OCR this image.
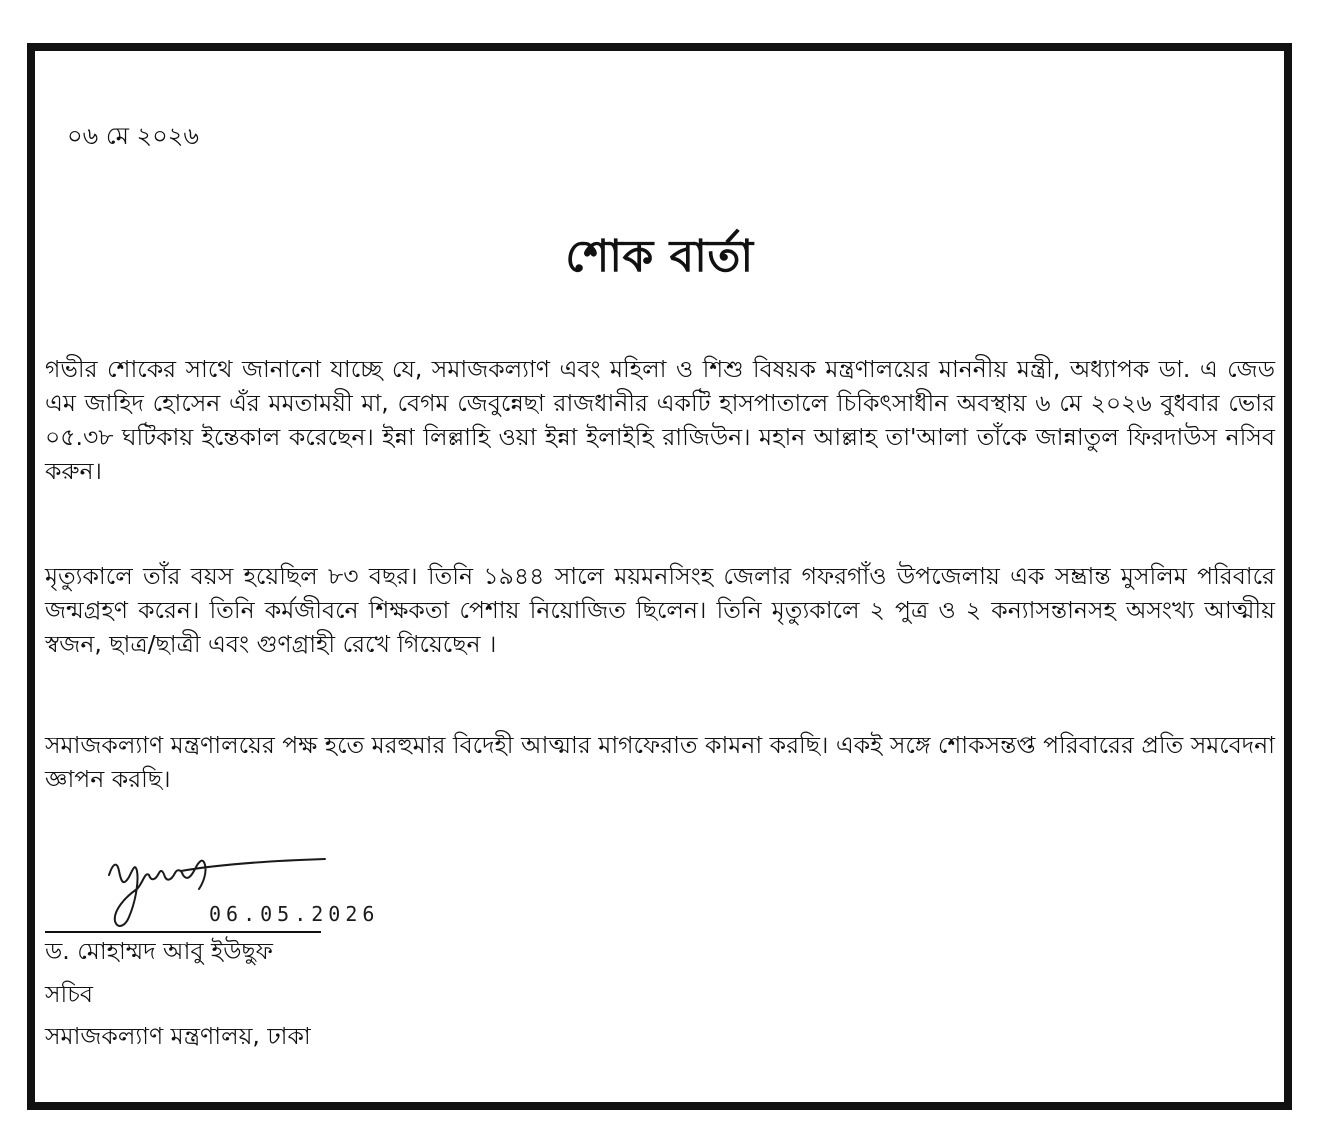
০৬ মে ২০২৬
শোক বার্তা

গভীর শোকের সাথে জানানো যাচ্ছে যে, সমাজকল্যাণ এবং মহিলা ও শিশু বিষয়ক মন্ত্রণালয়ের মাননীয় মন্ত্রী, অধ্যাপক ডা. এ জেড এম জাহিদ হোসেন এঁর মমতাময়ী মা, বেগম জেবুন্নেছা রাজধানীর একটি হাসপাতালে চিকিৎসাধীন অবস্থায় ৬ মে ২০২৬ বুধবার ভোর ০৫.৩৮ ঘটিকায় ইন্তেকাল করেছেন। ইন্না লিল্লাহি ওয়া ইন্না ইলাইহি রাজিউন। মহান আল্লাহ তা'আলা তাঁকে জান্নাতুল ফিরদাউস নসিব করুন।

মৃত্যুকালে তাঁর বয়স হয়েছিল ৮৩ বছর। তিনি ১৯৪৪ সালে ময়মনসিংহ জেলার গফরগাঁও উপজেলায় এক সম্ভ্রান্ত মুসলিম পরিবারে জন্মগ্রহণ করেন। তিনি কর্মজীবনে শিক্ষকতা পেশায় নিয়োজিত ছিলেন। তিনি মৃত্যুকালে ২ পুত্র ও ২ কন্যাসন্তানসহ অসংখ্য আত্মীয় স্বজন, ছাত্র/ছাত্রী এবং গুণগ্রাহী রেখে গিয়েছেন ।

সমাজকল্যাণ মন্ত্রণালয়ের পক্ষ হতে মরহুমার বিদেহী আত্মার মাগফেরাত কামনা করছি। একই সঙ্গে শোকসন্তপ্ত পরিবারের প্রতি সমবেদনা জ্ঞাপন করছি।

06.05.2026
ড. মোহাম্মদ আবু ইউছুফ
সচিব
সমাজকল্যাণ মন্ত্রণালয়, ঢাকা
